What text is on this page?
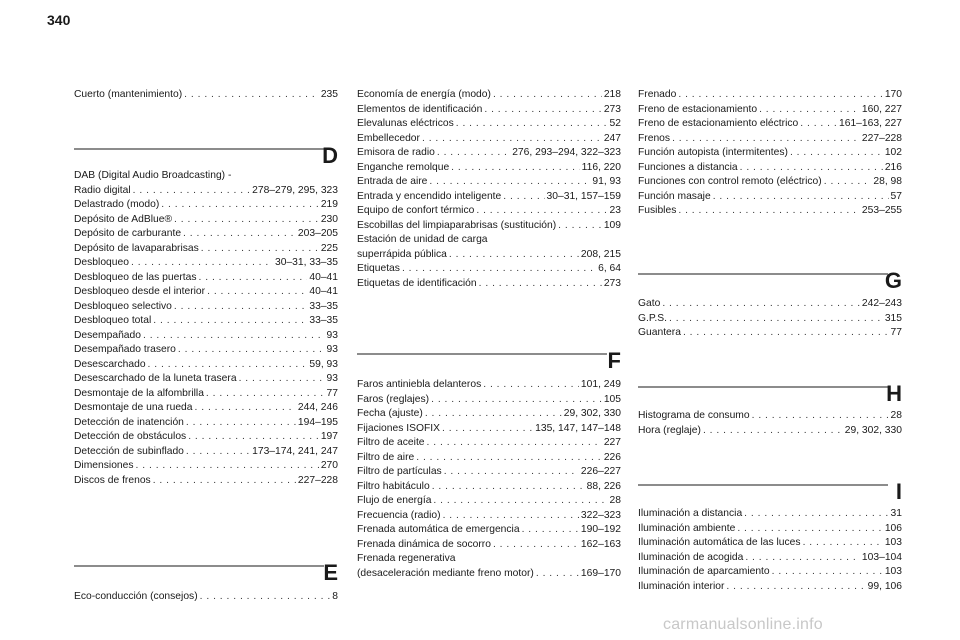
340
Cuerto (mantenimiento) . . .	235
D
DAB (Digital Audio Broadcasting) -
Radio digital . . .	278–279, 295, 323
Delastrado (modo) . . .	219
Depósito de AdBlue® . . .	230
Depósito de carburante . . .	203–205
Depósito de lavaparabrisas . . .	225
Desbloqueo . . .	30–31, 33–35
Desbloqueo de las puertas . . .	40–41
Desbloqueo desde el interior . . .	40–41
Desbloqueo selectivo . . .	33–35
Desbloqueo total . . .	33–35
Desempañado . . .	93
Desempañado trasero . . .	93
Desescarchado . . .	59, 93
Desescarchado de la luneta trasera . . .	93
Desmontaje de la alfombrilla . . .	77
Desmontaje de una rueda . . .	244, 246
Detección de inatención . . .	194–195
Detección de obstáculos . . .	197
Detección de subinflado . . .	173–174, 241, 247
Dimensiones . . .	270
Discos de frenos . . .	227–228
E
Eco-conducción (consejos) . . .	8
Economía de energía (modo) . . .	218
Elementos de identificación . . .	273
Elevalunas eléctricos . . .	52
Embellecedor . . .	247
Emisora de radio . . .	276, 293–294, 322–323
Enganche remolque . . .	116, 220
Entrada de aire . . .	91, 93
Entrada y encendido inteligente . . .	30–31, 157–159
Equipo de confort térmico . . .	23
Escobillas del limpiaparabrisas (sustitución) . . .	109
Estación de unidad de carga
superrápida pública . . .	208, 215
Etiquetas . . .	6, 64
Etiquetas de identificación . . .	273
F
Faros antiniebla delanteros . . .	101, 249
Faros (reglajes) . . .	105
Fecha (ajuste) . . .	29, 302, 330
Fijaciones ISOFIX . . .	135, 147, 147–148
Filtro de aceite . . .	227
Filtro de aire . . .	226
Filtro de partículas . . .	226–227
Filtro habitáculo . . .	88, 226
Flujo de energía . . .	28
Frecuencia (radio) . . .	322–323
Frenada automática de emergencia . . .	190–192
Frenada dinámica de socorro . . .	162–163
Frenada regenerativa
(desaceleración mediante freno motor) . . .	169–170
Frenado . . .	170
Freno de estacionamiento . . .	160, 227
Freno de estacionamiento eléctrico . . .	161–163, 227
Frenos . . .	227–228
Función autopista (intermitentes) . . .	102
Funciones a distancia . . .	216
Funciones con control remoto (eléctrico) . . .	28, 98
Función masaje . . .	57
Fusibles . . .	253–255
G
Gato . . .	242–243
G.P.S. . . .	315
Guantera . . .	77
H
Histograma de consumo . . .	28
Hora (reglaje) . . .	29, 302, 330
I
Iluminación a distancia . . .	31
Iluminación ambiente . . .	106
Iluminación automática de las luces . . .	103
Iluminación de acogida . . .	103–104
Iluminación de aparcamiento . . .	103
Iluminación interior . . .	99, 106
carmanualsonline.info
